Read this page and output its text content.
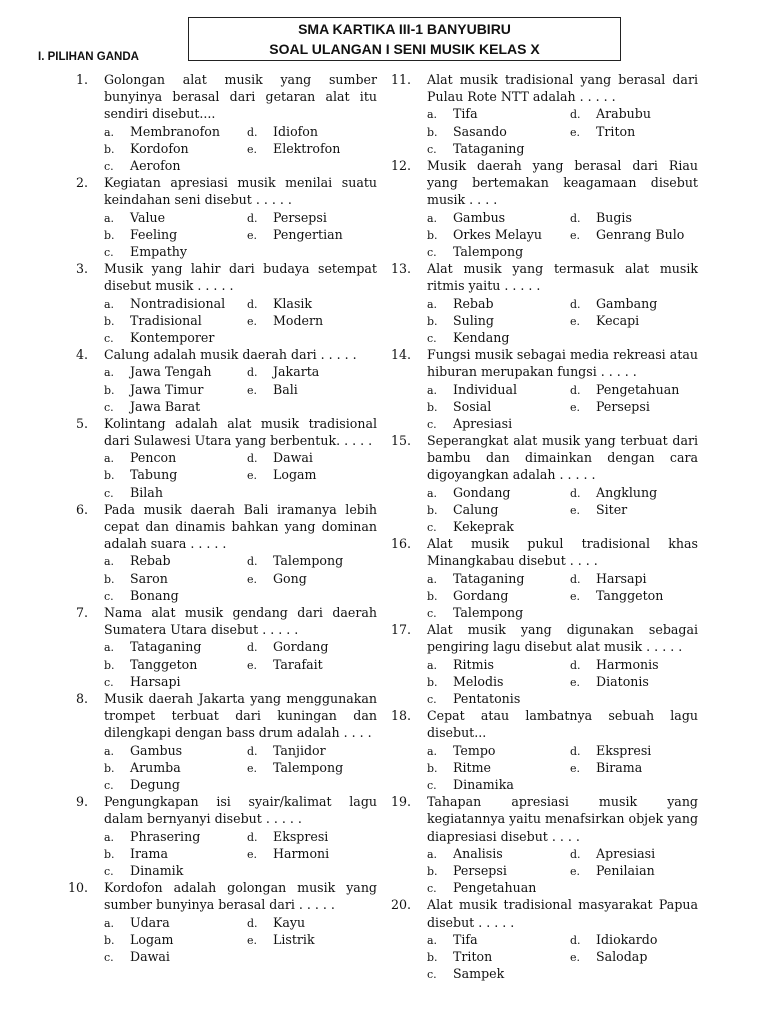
SMA KARTIKA III-1 BANYUBIRU
SOAL ULANGAN I SENI MUSIK KELAS X
I. PILIHAN GANDA
1. Golongan alat musik yang sumber bunyinya berasal dari getaran alat itu sendiri disebut....
a. Membranofon d. Idiofon
b. Kordofon	e. Elektrofon
c. Aerofon
2. Kegiatan apresiasi musik menilai suatu keindahan seni disebut . . . . .
a. Value	d. Persepsi
b. Feeling	e. Pengertian
c. Empathy
3. Musik yang lahir dari budaya setempat disebut musik . . . . .
a. Nontradisional d. Klasik
b. Tradisional	e. Modern
c. Kontemporer
4. Calung adalah musik daerah dari . . . . .
a. Jawa Tengah	d. Jakarta
b. Jawa Timur	e. Bali
c. Jawa Barat
5. Kolintang adalah alat musik tradisional dari Sulawesi Utara yang berbentuk. . . . .
a. Pencon	d. Dawai
b. Tabung	e. Logam
c. Bilah
6. Pada musik daerah Bali iramanya lebih cepat dan dinamis bahkan yang dominan adalah suara . . . . .
a. Rebab	d. Talempong
b. Saron	e. Gong
c. Bonang
7. Nama alat musik gendang dari daerah Sumatera Utara disebut . . . . .
a. Tataganing	d. Gordang
b. Tanggeton	e. Tarafait
c. Harsapi
8. Musik daerah Jakarta yang menggunakan trompet terbuat dari kuningan dan dilengkapi dengan bass drum adalah . . . .
a. Gambus	d. Tanjidor
b. Arumba	e. Talempong
c. Degung
9. Pengungkapan isi syair/kalimat lagu dalam bernyanyi disebut . . . . .
a. Phrasering	d. Ekspresi
b. Irama	e. Harmoni
c. Dinamik
10. Kordofon adalah golongan musik yang sumber bunyinya berasal dari . . . . .
a. Udara	d. Kayu
b. Logam	e. Listrik
c. Dawai
11. Alat musik tradisional yang berasal dari Pulau Rote NTT adalah . . . . .
a. Tifa	d. Arabubu
b. Sasando	e. Triton
c. Tataganing
12. Musik daerah yang berasal dari Riau yang bertemakan keagamaan disebut musik . . . .
a. Gambus	d. Bugis
b. Orkes Melayu	e. Genrang Bulo
c. Talempong
13. Alat musik yang termasuk alat musik ritmis yaitu . . . . .
a. Rebab	d. Gambang
b. Suling	e. Kecapi
c. Kendang
14. Fungsi musik sebagai media rekreasi atau hiburan merupakan fungsi . . . . .
a. Individual	d. Pengetahuan
b. Sosial	e. Persepsi
c. Apresiasi
15. Seperangkat alat musik yang terbuat dari bambu dan dimainkan dengan cara digoyangkan adalah . . . . .
a. Gondang	d. Angklung
b. Calung	e. Siter
c. Kekeprak
16. Alat musik pukul tradisional khas Minangkabau disebut . . . .
a. Tataganing	d. Harsapi
b. Gordang	e. Tanggeton
c. Talempong
17. Alat musik yang digunakan sebagai pengiring lagu disebut alat musik . . . . .
a. Ritmis	d. Harmonis
b. Melodis	e. Diatonis
c. Pentatonis
18. Cepat atau lambatnya sebuah lagu disebut...
a. Tempo	d. Ekspresi
b. Ritme	e. Birama
c. Dinamika
19. Tahapan apresiasi musik yang kegiatannya yaitu menafsirkan objek yang diapresiasi disebut . . . .
a. Analisis	d. Apresiasi
b. Persepsi	e. Penilaian
c. Pengetahuan
20. Alat musik tradisional masyarakat Papua disebut . . . . .
a. Tifa	d. Idiokardo
b. Triton	e. Salodap
c. Sampek
